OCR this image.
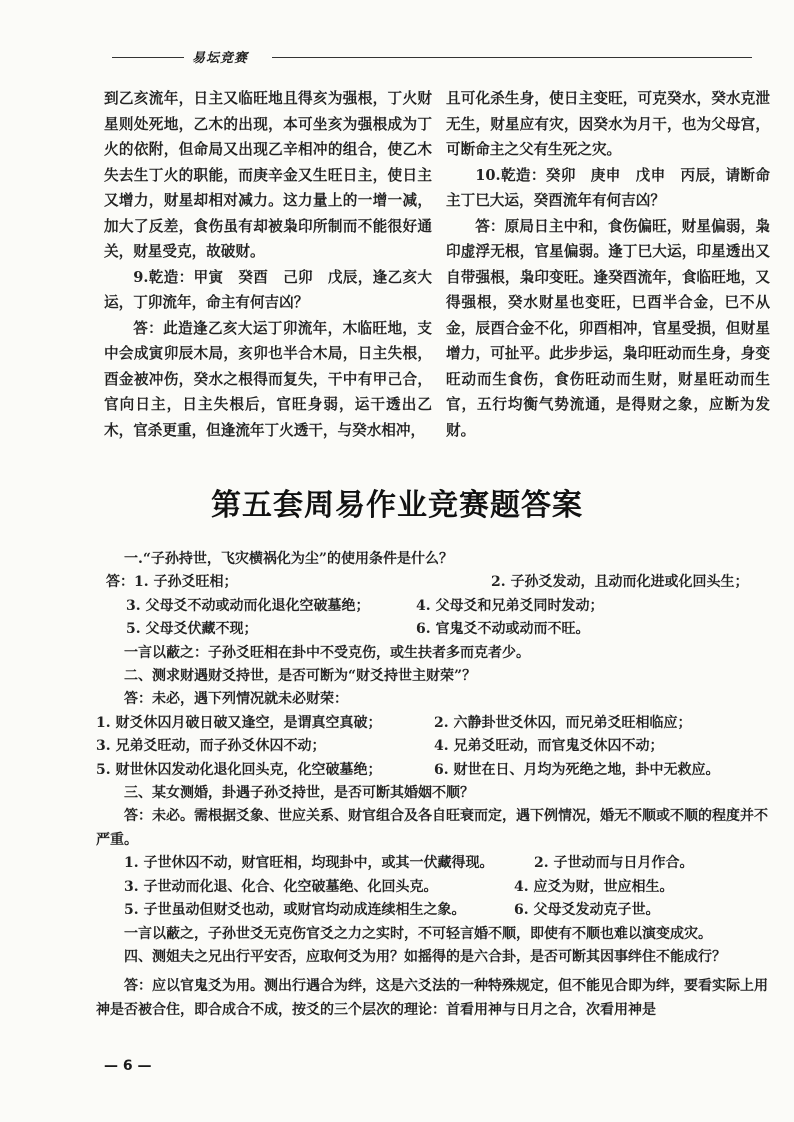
易坛竞赛

到乙亥流年，日主又临旺地且得亥为强根，丁火财星则处死地，乙木的出现，本可坐亥为强根成为丁火的依附，但命局又出现乙辛相冲的组合，使乙木失去生丁火的职能，而庚辛金又生旺日主，使日主又增力，财星却相对减力。这力量上的一增一减，加大了反差，食伤虽有却被枭印所制而不能很好通关，财星受克，故破财。

9.乾造：甲寅　癸酉　己卯　戊辰，逢乙亥大运，丁卯流年，命主有何吉凶？

答：此造逢乙亥大运丁卯流年，木临旺地，支中会成寅卯辰木局，亥卯也半合木局，日主失根，酉金被冲伤，癸水之根得而复失，干中有甲己合，官向日主，日主失根后，官旺身弱，运干透出乙木，官杀更重，但逢流年丁火透干，与癸水相冲，

且可化杀生身，使日主变旺，可克癸水，癸水克泄无生，财星应有灾，因癸水为月干，也为父母宫，可断命主之父有生死之灾。

10.乾造：癸卯　庚申　戊申　丙辰，请断命主丁巳大运，癸酉流年有何吉凶？

答：原局日主中和，食伤偏旺，财星偏弱，枭印虚浮无根，官星偏弱。逢丁巳大运，印星透出又自带强根，枭印变旺。逢癸酉流年，食临旺地，又得强根，癸水财星也变旺，巳酉半合金，巳不从金，辰酉合金不化，卯酉相冲，官星受损，但财星增力，可扯平。此步步运，枭印旺动而生身，身变旺动而生食伤，食伤旺动而生财，财星旺动而生官，五行均衡气势流通，是得财之象，应断为发财。

第五套周易作业竞赛题答案

一.“子孙持世，飞灾横祸化为尘”的使用条件是什么？

答：1. 子孙爻旺相；	2. 子孙爻发动，且动而化进或化回头生；
3. 父母爻不动或动而化退化空破墓绝；	4. 父母爻和兄弟爻同时发动；
5. 父母爻伏藏不现；	6. 官鬼爻不动或动而不旺。

一言以蔽之：子孙爻旺相在卦中不受克伤，或生扶者多而克者少。

二、测求财遇财爻持世，是否可断为“财爻持世主财荣”？

答：未必，遇下列情况就未必财荣：

1. 财爻休囚月破日破又逢空，是谓真空真破；	2. 六静卦世爻休囚，而兄弟爻旺相临应；
3. 兄弟爻旺动，而子孙爻休囚不动；	4. 兄弟爻旺动，而官鬼爻休囚不动；
5. 财世休囚发动化退化回头克，化空破墓绝；	6. 财世在日、月均为死绝之地，卦中无救应。

三、某女测婚，卦遇子孙爻持世，是否可断其婚姻不顺？

答：未必。需根据爻象、世应关系、财官组合及各自旺衰而定，遇下例情况，婚无不顺或不顺的程度并不严重。

1. 子世休囚不动，财官旺相，均现卦中，或其一伏藏得现。	2. 子世动而与日月作合。
3. 子世动而化退、化合、化空破墓绝、化回头克。	4. 应爻为财，世应相生。
5. 子世虽动但财爻也动，或财官均动成连续相生之象。	6. 父母爻发动克子世。

一言以蔽之，子孙世爻无克伤官爻之力之实时，不可轻言婚不顺，即使有不顺也难以演变成灾。

四、测姐夫之兄出行平安否，应取何爻为用？如摇得的是六合卦，是否可断其因事绊住不能成行？

答：应以官鬼爻为用。测出行遇合为绊，这是六爻法的一种特殊规定，但不能见合即为绊，要看实际上用神是否被合住，即合成合不成，按爻的三个层次的理论：首看用神与日月之合，次看用神是

— 6 —
